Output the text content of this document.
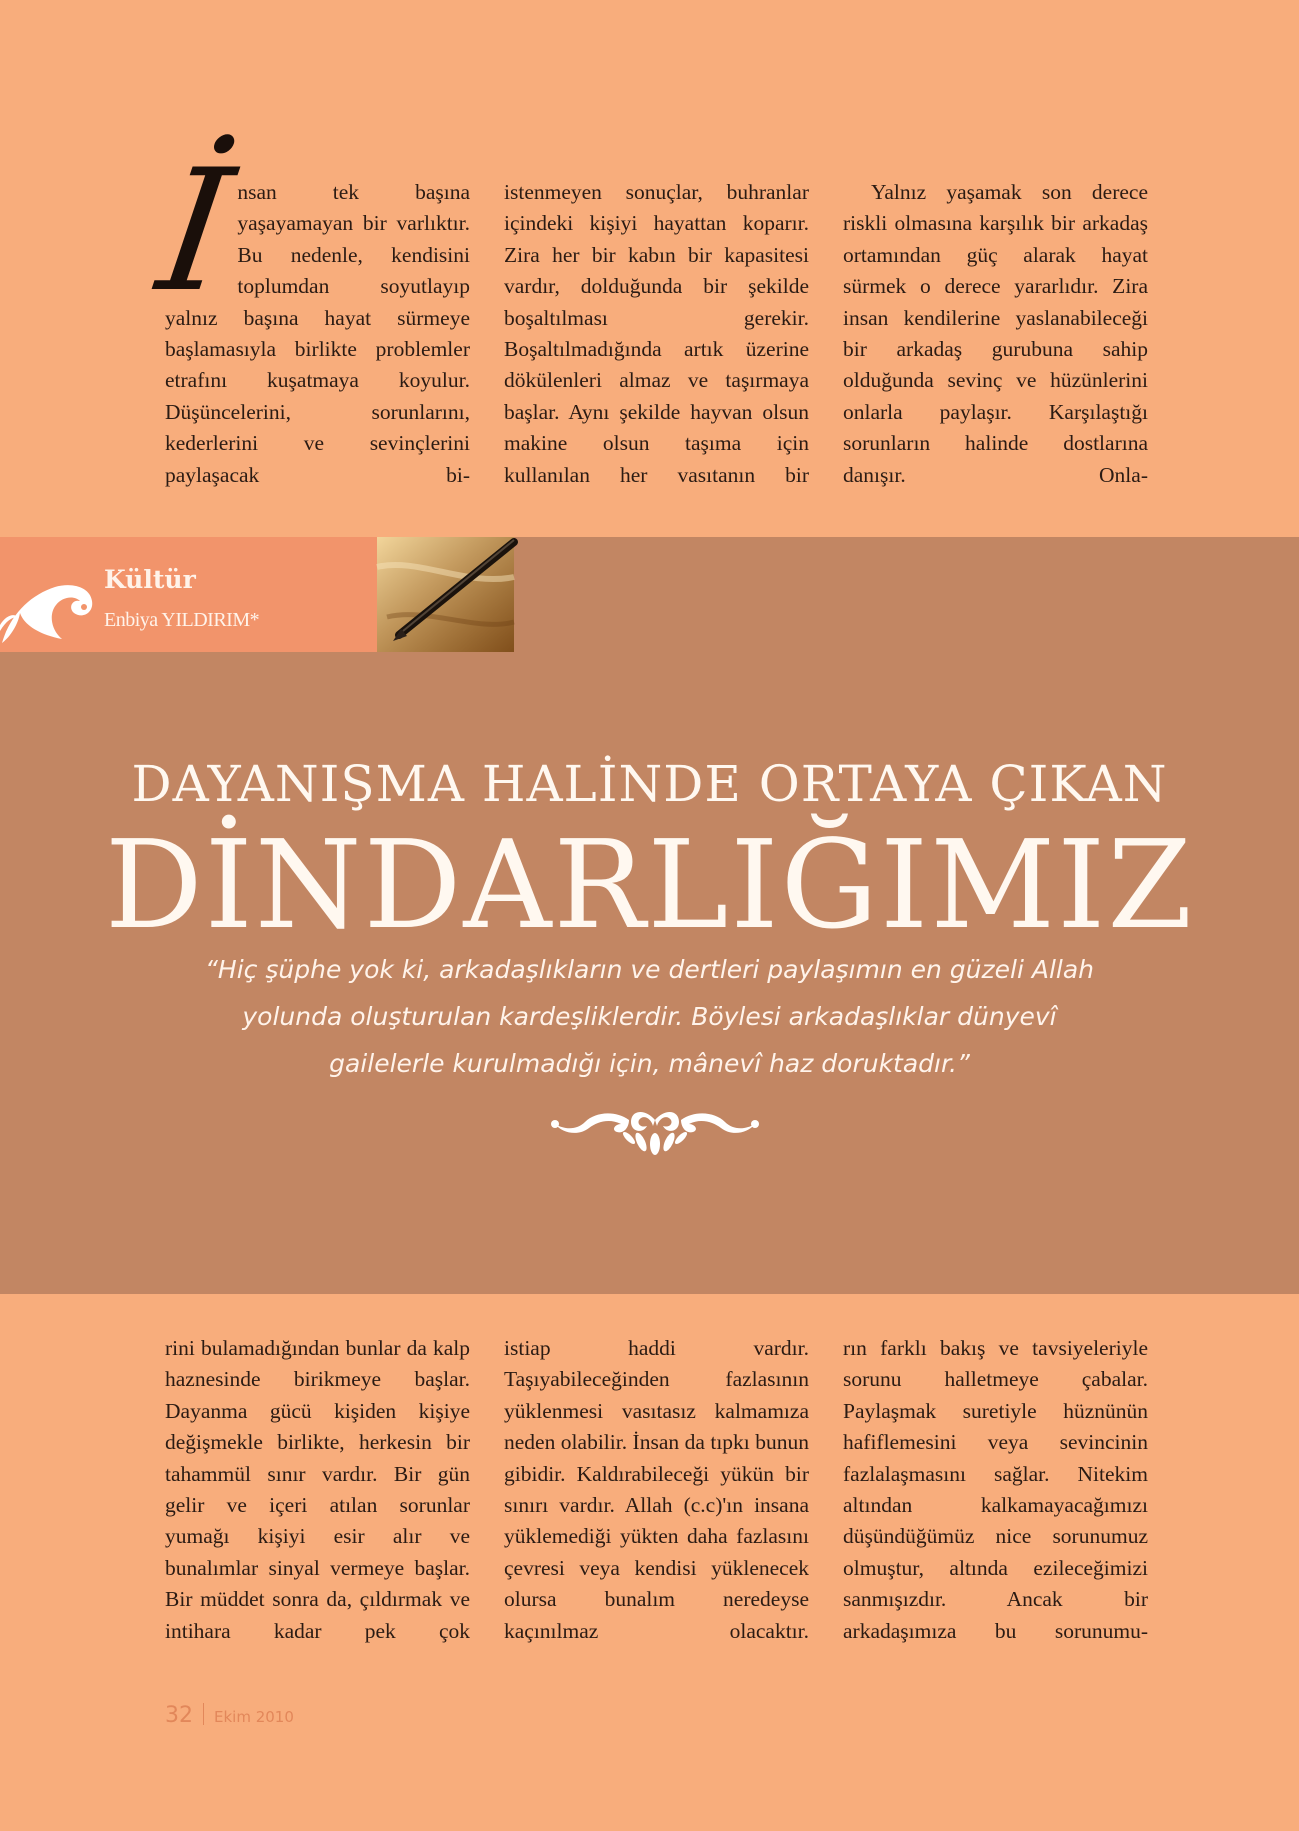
İ

nsan tek başına yaşayamayan bir varlıktır. Bu nedenle, kendisini toplumdan soyutlayıp yalnız başına hayat sürmeye başlamasıyla birlikte problemler etrafını kuşatmaya koyulur. Düşüncelerini, sorunlarını, kederlerini ve sevinçlerini paylaşacak bi-

istenmeyen sonuçlar, buhranlar içindeki kişiyi hayattan koparır. Zira her bir kabın bir kapasitesi vardır, dolduğunda bir şekilde boşaltılması gerekir. Boşaltılmadığında artık üzerine dökülenleri almaz ve taşırmaya başlar. Aynı şekilde hayvan olsun makine olsun taşıma için kullanılan her vasıtanın bir

Yalnız yaşamak son derece riskli olmasına karşılık bir arkadaş ortamından güç alarak hayat sürmek o derece yararlıdır. Zira insan kendilerine yaslanabileceği bir arkadaş gurubuna sahip olduğunda sevinç ve hüzünlerini onlarla paylaşır. Karşılaştığı sorunların halinde dostlarına danışır. Onla-

Kültür
Enbiya YILDIRIM*
DAYANIŞMA HALİNDE ORTAYA ÇIKAN
DİNDARLIĞIMIZ
“Hiç şüphe yok ki, arkadaşlıkların ve dertleri paylaşımın en güzeli Allah yolunda oluşturulan kardeşliklerdir. Böylesi arkadaşlıklar dünyevî gailelerle kurulmadığı için, mânevî haz doruktadır.”

rini bulamadığından bunlar da kalp haznesinde birikmeye başlar. Dayanma gücü kişiden kişiye değişmekle birlikte, herkesin bir tahammül sınır vardır. Bir gün gelir ve içeri atılan sorunlar yumağı kişiyi esir alır ve bunalımlar sinyal vermeye başlar. Bir müddet sonra da, çıldırmak ve intihara kadar pek çok

istiap haddi vardır. Taşıyabileceğinden fazlasının yüklenmesi vasıtasız kalmamıza neden olabilir. İnsan da tıpkı bunun gibidir. Kaldırabileceği yükün bir sınırı vardır. Allah (c.c)'ın insana yüklemediği yükten daha fazlasını çevresi veya kendisi yüklenecek olursa bunalım neredeyse kaçınılmaz olacaktır.

rın farklı bakış ve tavsiyeleriyle sorunu halletmeye çabalar. Paylaşmak suretiyle hüznünün hafiflemesini veya sevincinin fazlalaşmasını sağlar. Nitekim altından kalkamayacağımızı düşündüğümüz nice sorunumuz olmuştur, altında ezileceğimizi sanmışızdır. Ancak bir arkadaşımıza bu sorunumu-

32 Ekim 2010
